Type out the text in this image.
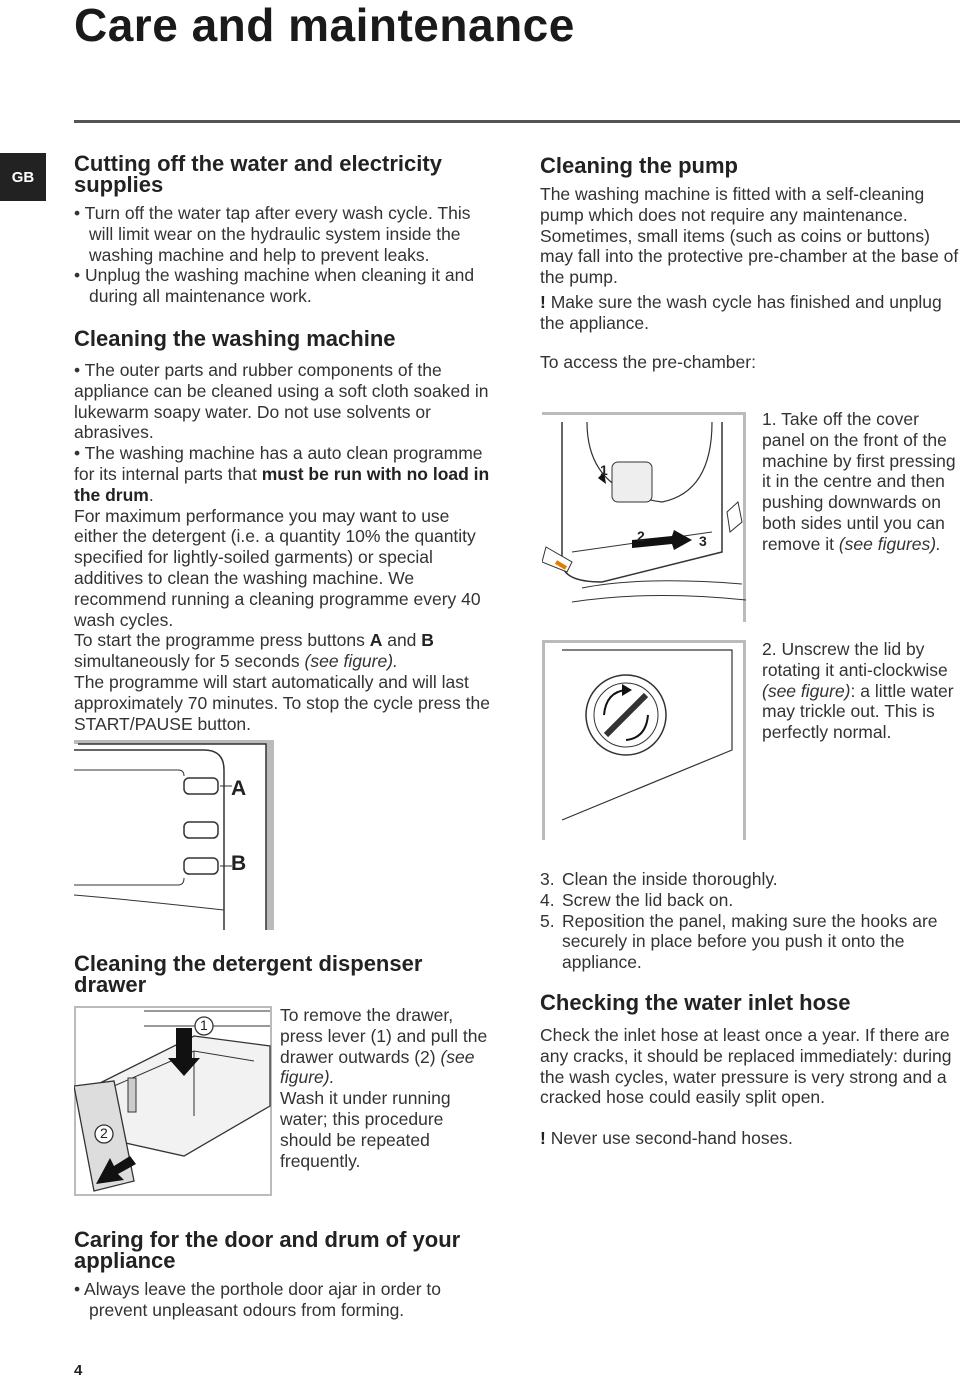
Care and maintenance
GB
Cutting off the water and electricity supplies
• Turn off the water tap after every wash cycle. This will limit wear on the hydraulic system inside the washing machine and help to prevent leaks.
• Unplug the washing machine when cleaning it and during all maintenance work.
Cleaning the washing machine
• The outer parts and rubber components of the appliance can be cleaned using a soft cloth soaked in lukewarm soapy water. Do not use solvents or abrasives.
• The washing machine has a auto clean programme for its internal parts that must be run with no load in the drum.

For maximum performance you may want to use either the detergent (i.e. a quantity 10% the quantity specified for lightly-soiled garments) or special additives to clean the washing machine. We recommend running a cleaning programme every 40 wash cycles.

To start the programme press buttons A and B simultaneously for 5 seconds (see figure).

The programme will start automatically and will last approximately 70 minutes. To stop the cycle press the START/PAUSE button.

A
B
Cleaning the detergent dispenser drawer
1
2

To remove the drawer, press lever (1) and pull the drawer outwards (2) (see figure).

Wash it under running water; this procedure should be repeated frequently.

Caring for the door and drum of your appliance
• Always leave the porthole door ajar in order to prevent unpleasant odours from forming.
Cleaning the pump

The washing machine is fitted with a self-cleaning pump which does not require any maintenance. Sometimes, small items (such as coins or buttons) may fall into the protective pre-chamber at the base of the pump.

! Make sure the wash cycle has finished and unplug the appliance.

To access the pre-chamber:

1
2	3

1. Take off the cover panel on the front of the machine by first pressing it in the centre and then pushing downwards on both sides until you can remove it (see figures).

2. Unscrew the lid by rotating it anti-clockwise (see figure): a little water may trickle out. This is perfectly normal.

3. Clean the inside thoroughly.

4. Screw the lid back on.

5. Reposition the panel, making sure the hooks are securely in place before you push it onto the appliance.

Checking the water inlet hose

Check the inlet hose at least once a year. If there are any cracks, it should be replaced immediately: during the wash cycles, water pressure is very strong and a cracked hose could easily split open.

! Never use second-hand hoses.

4
